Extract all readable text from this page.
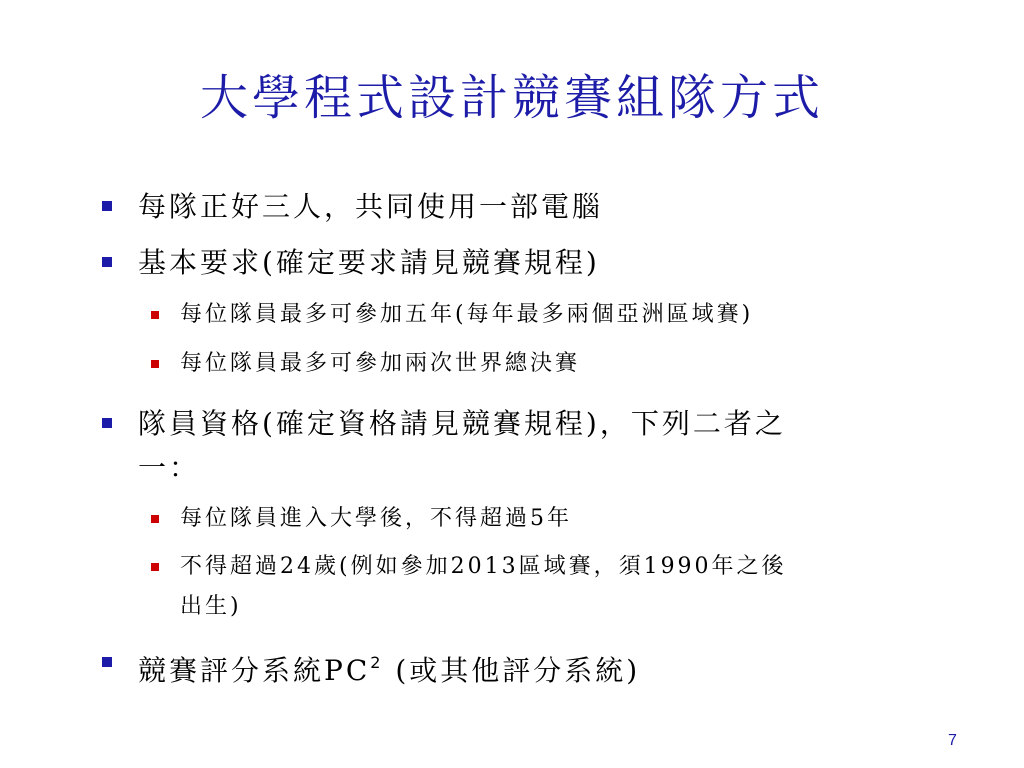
大學程式設計競賽組隊方式
每隊正好三人，共同使用一部電腦
基本要求(確定要求請見競賽規程)
每位隊員最多可參加五年(每年最多兩個亞洲區域賽)
每位隊員最多可參加兩次世界總決賽
隊員資格(確定資格請見競賽規程)，下列二者之
一：
每位隊員進入大學後，不得超過5年
不得超過24歲(例如參加2013區域賽，須1990年之後
出生)
競賽評分系統$PC^2$ (或其他評分系統)
7
